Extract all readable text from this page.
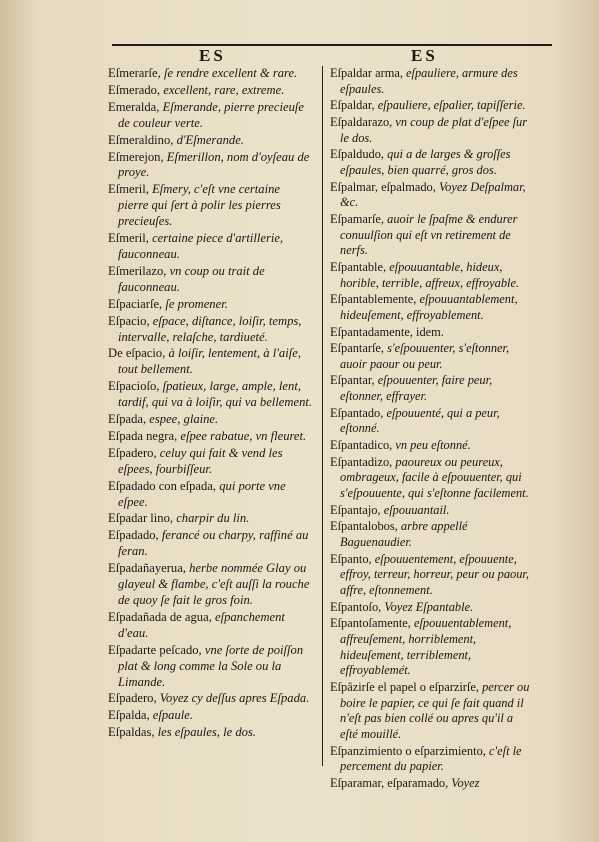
ES	ES
Eſmerarſe, ſe rendre excellent & rare.
Eſmerado, excellent, rare, extreme.
Emeralda, Eſmerande, pierre precieuſe de couleur verte.
Eſmeraldino, d'Eſmerande.
Eſmerejon, Eſmerillon, nom d'oyſeau de proye.
Eſmeril, Eſmery, c'eſt vne certaine pierre qui ſert à polir les pierres precieuſes.
Eſmeril, certaine piece d'artillerie, fauconneau.
Eſmerilazo, vn coup ou trait de fauconneau.
Eſpaciarſe, ſe promener.
Eſpacio, eſpace, diſtance, loiſir, temps, intervalle, relaſche, tardiueté.
De eſpacio, à loiſir, lentement, à l'aiſe, tout bellement.
Eſpacioſo, ſpatieux, large, ample, lent, tardif, qui va à loiſir, qui va bellement.
Eſpada, espee, glaine.
Eſpada negra, eſpee rabatue, vn fleuret.
Eſpadero, celuy qui fait & vend les eſpees, fourbiſſeur.
Eſpadado con eſpada, qui porte vne eſpee.
Eſpadar lino, charpir du lin.
Eſpadado, ferancé ou charpy, raffiné au feran.
Eſpadañayerua, herbe nommée Glay ou glayeul & flambe, c'eſt auſſi la rouche de quoy ſe fait le gros foin.
Eſpadañada de agua, eſpanchement d'eau.
Eſpadarte peſcado, vne ſorte de poiſſon plat & long comme la Sole ou la Limande.
Eſpadero, Voyez cy deſſus apres Eſpada.
Eſpalda, eſpaule.
Eſpaldas, les eſpaules, le dos.
Eſpaldar arma, eſpauliere, armure des eſpaules.
Eſpaldar, eſpauliere, eſpalier, tapiſſerie.
Eſpaldarazo, vn coup de plat d'eſpee ſur le dos.
Eſpaldudo, qui a de larges & groſſes eſpaules, bien quarré, gros dos.
Eſpalmar, eſpalmado, Voyez Deſpalmar, &c.
Eſpamarſe, auoir le ſpaſme & endurer conuulſion qui eſt vn retirement de nerfs.
Eſpantable, eſpouuantable, hideux, horible, terrible, affreux, effroyable.
Eſpantablemente, eſpouuantablement, hideuſement, effroyablement.
Eſpantadamente, idem.
Eſpantarſe, s'eſpouuenter, s'eſtonner, auoir paour ou peur.
Eſpantar, eſpouuenter, faire peur, eſtonner, effrayer.
Eſpantado, eſpouuenté, qui a peur, eſtonné.
Eſpantadico, vn peu eſtonné.
Eſpantadizo, paoureux ou peureux, ombrageux, facile à eſpouuenter, qui s'eſpouuente, qui s'eſtonne facilement.
Eſpantajo, eſpouuantail.
Eſpantalobos, arbre appellé Baguenaudier.
Eſpanto, eſpouuentement, eſpouuente, effroy, terreur, horreur, peur ou paour, affre, eſtonnement.
Eſpantoſo, Voyez Eſpantable.
Eſpantoſamente, eſpouuentablement, affreuſement, horriblement, hideuſement, terriblement, effroyablemét.
Eſpâzirſe el papel o eſparzirſe, percer ou boire le papier, ce qui ſe fait quand il n'eſt pas bien collé ou apres qu'il a eſté mouillé.
Eſpanzimiento o eſparzimiento, c'eſt le percement du papier.
Eſparamar, eſparamado, Voyez
